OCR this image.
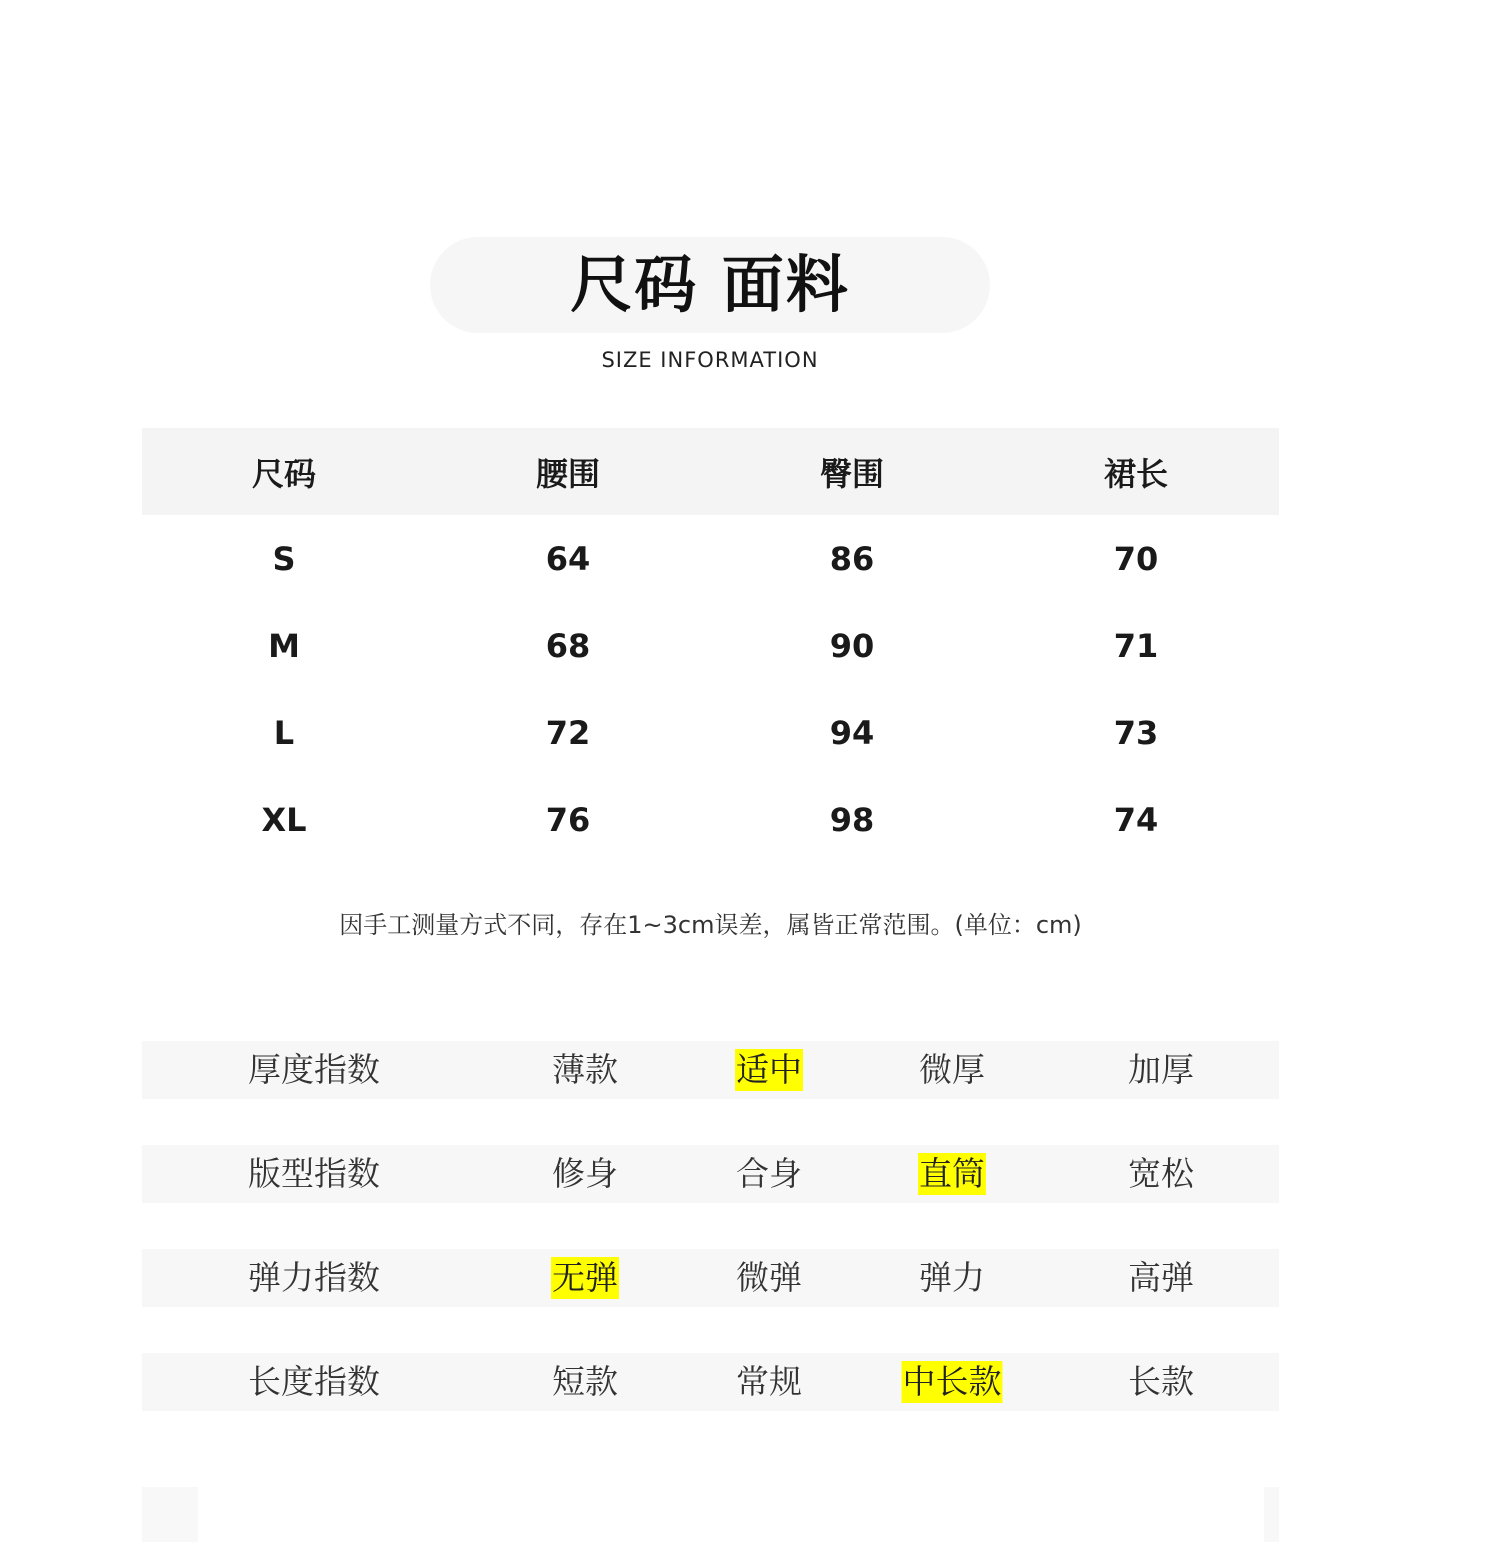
尺码 面料
SIZE INFORMATION
尺码	腰围	臀围	裙长
S	64	86	70
M	68	90	71
L	72	94	73
XL	76	98	74
因手工测量方式不同，存在1~3cm误差，属皆正常范围。(单位：cm)
厚度指数	薄款	适中	微厚	加厚
版型指数	修身	合身	直筒	宽松
弹力指数	无弹	微弹	弹力	高弹
长度指数	短款	常规	中长款	长款
